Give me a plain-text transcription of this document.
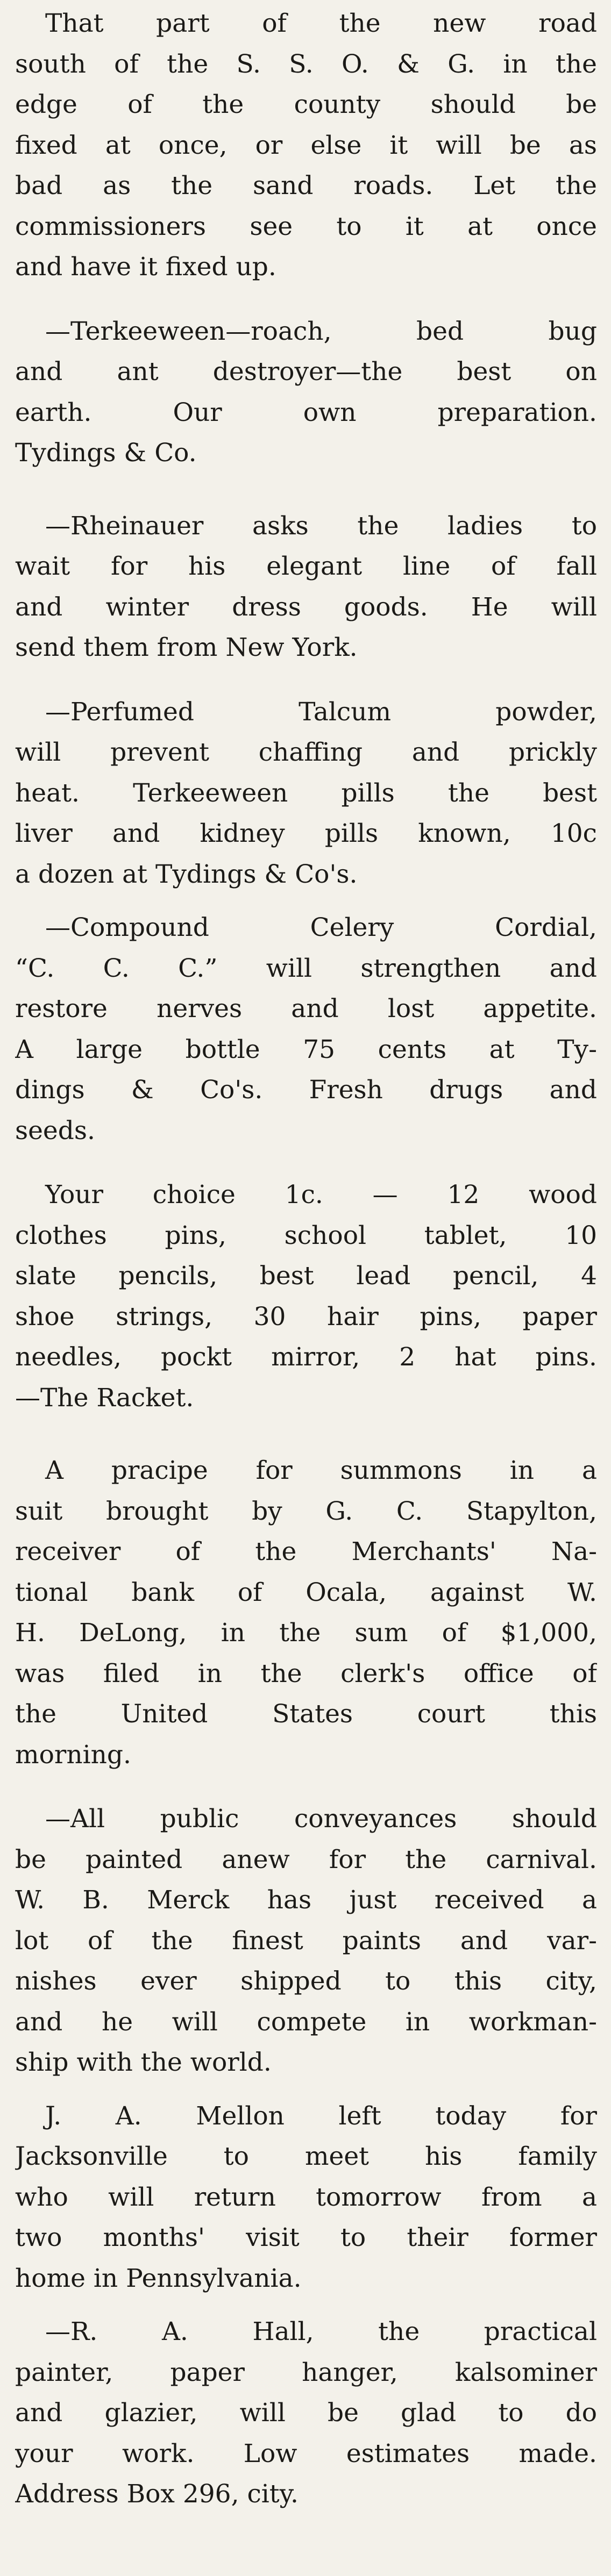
That part of the new road
south of the S. S. O. & G. in the
edge of the county should be
fixed at once, or else it will be as
bad as the sand roads. Let the
commissioners see to it at once
and have it fixed up.
—Terkeeween—roach, bed bug
and ant destroyer—the best on
earth. Our own preparation.
Tydings & Co.
—Rheinauer asks the ladies to
wait for his elegant line of fall
and winter dress goods. He will
send them from New York.
—Perfumed Talcum powder,
will prevent chaffing and prickly
heat. Terkeeween pills the best
liver and kidney pills known, 10c
a dozen at Tydings & Co's.
—Compound Celery Cordial,
“C. C. C.” will strengthen and
restore nerves and lost appetite.
A large bottle 75 cents at Ty-
dings & Co's. Fresh drugs and
seeds.
Your choice 1c. — 12 wood
clothes pins, school tablet, 10
slate pencils, best lead pencil, 4
shoe strings, 30 hair pins, paper
needles, pockt mirror, 2 hat pins.
—The Racket.
A pracipe for summons in a
suit brought by G. C. Stapylton,
receiver of the Merchants' Na-
tional bank of Ocala, against W.
H. DeLong, in the sum of $1,000,
was filed in the clerk's office of
the United States court this
morning.
—All public conveyances should
be painted anew for the carnival.
W. B. Merck has just received a
lot of the finest paints and var-
nishes ever shipped to this city,
and he will compete in workman-
ship with the world.
J. A. Mellon left today for
Jacksonville to meet his family
who will return tomorrow from a
two months' visit to their former
home in Pennsylvania.
—R. A. Hall, the practical
painter, paper hanger, kalsominer
and glazier, will be glad to do
your work. Low estimates made.
Address Box 296, city.
